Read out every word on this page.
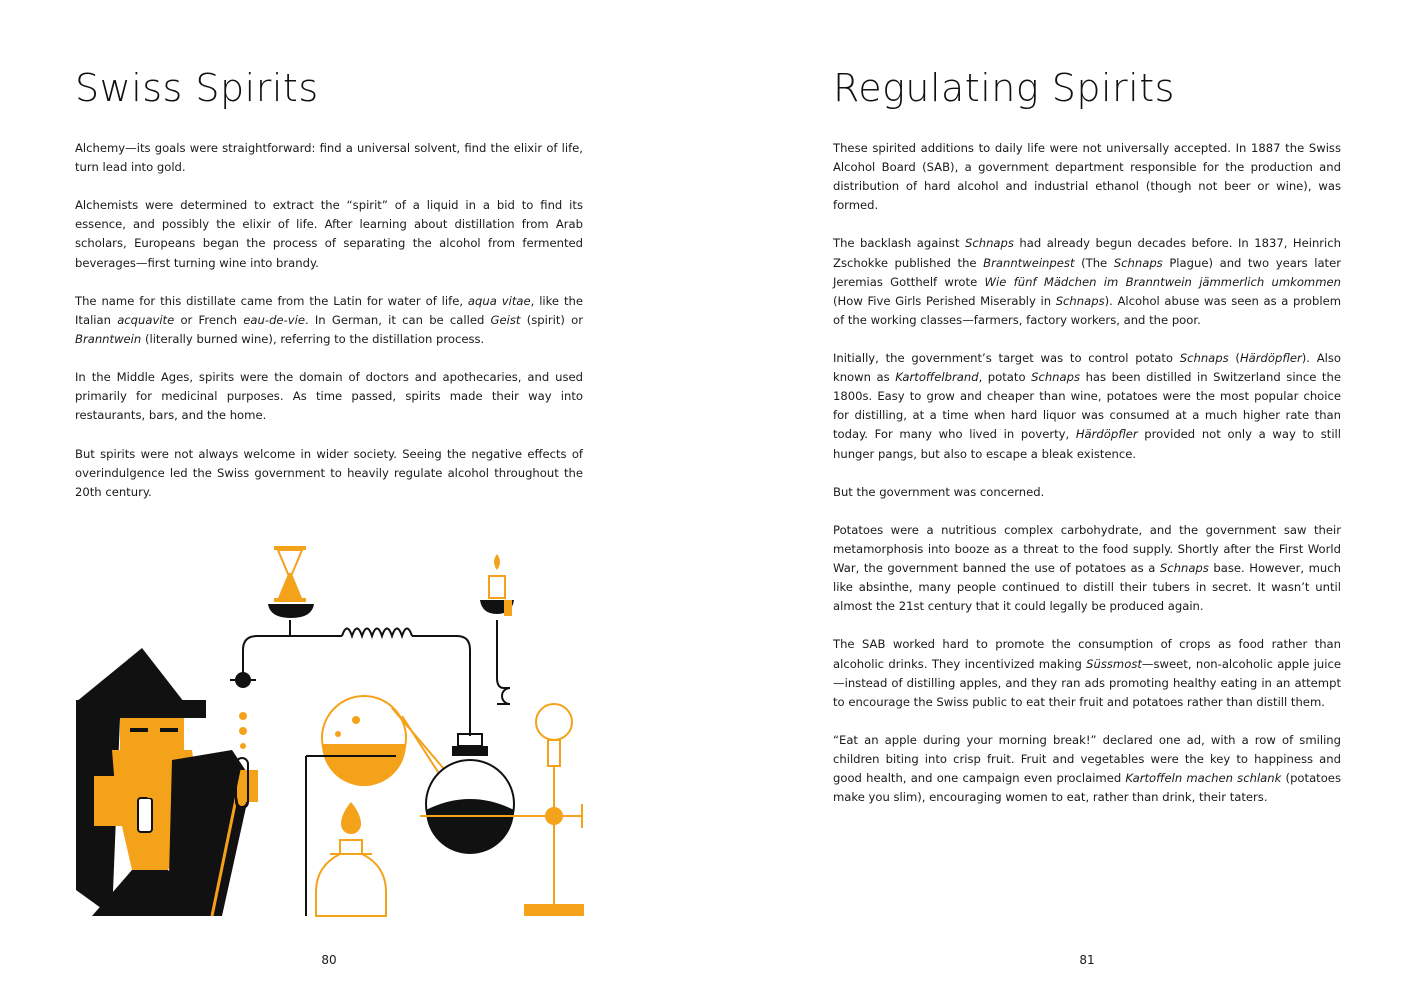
Swiss Spirits

Alchemy—its goals were straightforward: find a universal solvent, find the elixir of life, turn lead into gold.

Alchemists were determined to extract the “spirit” of a liquid in a bid to find its essence, and possibly the elixir of life. After learning about distillation from Arab scholars, Europeans began the process of separating the alcohol from fermented beverages—first turning wine into brandy.

The name for this distillate came from the Latin for water of life, aqua vitae, like the Italian acquavite or French eau-de-vie. In German, it can be called Geist (spirit) or Branntwein (literally burned wine), referring to the distillation process.

In the Middle Ages, spirits were the domain of doctors and apothecaries, and used primarily for medicinal purposes. As time passed, spirits made their way into restaurants, bars, and the home.

But spirits were not always welcome in wider society. Seeing the negative effects of overindulgence led the Swiss government to heavily regulate alcohol throughout the 20th century.

80
Regulating Spirits

These spirited additions to daily life were not universally accepted. In 1887 the Swiss Alcohol Board (SAB), a government department responsible for the production and distribution of hard alcohol and industrial ethanol (though not beer or wine), was formed.

The backlash against Schnaps had already begun decades before. In 1837, Heinrich Zschokke published the Branntweinpest (The Schnaps Plague) and two years later Jeremias Gotthelf wrote Wie fünf Mädchen im Branntwein jämmerlich umkommen (How Five Girls Perished Miserably in Schnaps). Alcohol abuse was seen as a problem of the working classes—farmers, factory workers, and the poor.

Initially, the government’s target was to control potato Schnaps (Härdöpfler). Also known as Kartoffelbrand, potato Schnaps has been distilled in Switzerland since the 1800s. Easy to grow and cheaper than wine, potatoes were the most popular choice for distilling, at a time when hard liquor was consumed at a much higher rate than today. For many who lived in poverty, Härdöpfler provided not only a way to still hunger pangs, but also to escape a bleak existence.

But the government was concerned.

Potatoes were a nutritious complex carbohydrate, and the government saw their metamorphosis into booze as a threat to the food supply. Shortly after the First World War, the government banned the use of potatoes as a Schnaps base. However, much like absinthe, many people continued to distill their tubers in secret. It wasn’t until almost the 21st century that it could legally be produced again.

The SAB worked hard to promote the consumption of crops as food rather than alcoholic drinks. They incentivized making Süssmost—sweet, non-alcoholic apple juice—instead of distilling apples, and they ran ads promoting healthy eating in an attempt to encourage the Swiss public to eat their fruit and potatoes rather than distill them.

“Eat an apple during your morning break!” declared one ad, with a row of smiling children biting into crisp fruit. Fruit and vegetables were the key to happiness and good health, and one campaign even proclaimed Kartoffeln machen schlank (potatoes make you slim), encouraging women to eat, rather than drink, their taters.

81
